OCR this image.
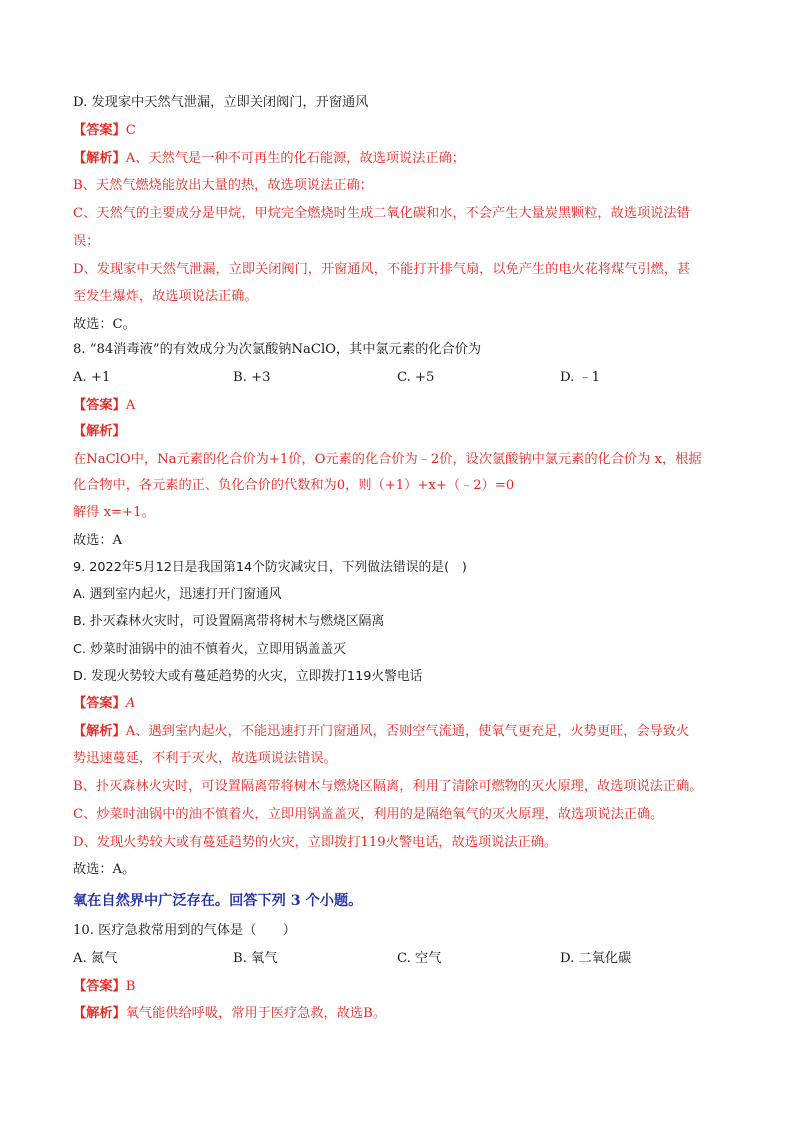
D. 发现家中天然气泄漏，立即关闭阀门，开窗通风
【答案】C
【解析】A、天然气是一种不可再生的化石能源，故选项说法正确；
B、天然气燃烧能放出大量的热，故选项说法正确；
C、天然气的主要成分是甲烷，甲烷完全燃烧时生成二氧化碳和水，不会产生大量炭黑颗粒，故选项说法错
误；
D、发现家中天然气泄漏，立即关闭阀门，开窗通风，不能打开排气扇，以免产生的电火花将煤气引燃，甚
至发生爆炸，故选项说法正确。
故选：C。
8. “84消毒液”的有效成分为次氯酸钠NaClO，其中氯元素的化合价为
A. +1	B. +3	C. +5	D. ﹣1
【答案】A
【解析】
在NaClO中，Na元素的化合价为+1价，O元素的化合价为﹣2价，设次氯酸钠中氯元素的化合价为 x，根据
化合物中，各元素的正、负化合价的代数和为0，则（+1）+x+（﹣2）=0
解得 x=+1。
故选：A
9. 2022年5月12日是我国第14个防灾减灾日，下列做法错误的是(　)
A. 遇到室内起火，迅速打开门窗通风
B. 扑灭森林火灾时，可设置隔离带将树木与燃烧区隔离
C. 炒菜时油锅中的油不慎着火，立即用锅盖盖灭
D. 发现火势较大或有蔓延趋势的火灾，立即拨打119火警电话
【答案】A
【解析】A、遇到室内起火，不能迅速打开门窗通风，否则空气流通，使氧气更充足，火势更旺，会导致火
势迅速蔓延，不利于灭火，故选项说法错误。
B、扑灭森林火灾时，可设置隔离带将树木与燃烧区隔离，利用了清除可燃物的灭火原理，故选项说法正确。
C、炒菜时油锅中的油不慎着火，立即用锅盖盖灭，利用的是隔绝氧气的灭火原理，故选项说法正确。
D、发现火势较大或有蔓延趋势的火灾，立即拨打119火警电话，故选项说法正确。
故选：A。
氧在自然界中广泛存在。回答下列 3 个小题。
10. 医疗急救常用到的气体是（　　）
A. 氮气	B. 氧气	C. 空气	D. 二氧化碳
【答案】B
【解析】氧气能供给呼吸，常用于医疗急救，故选B。
